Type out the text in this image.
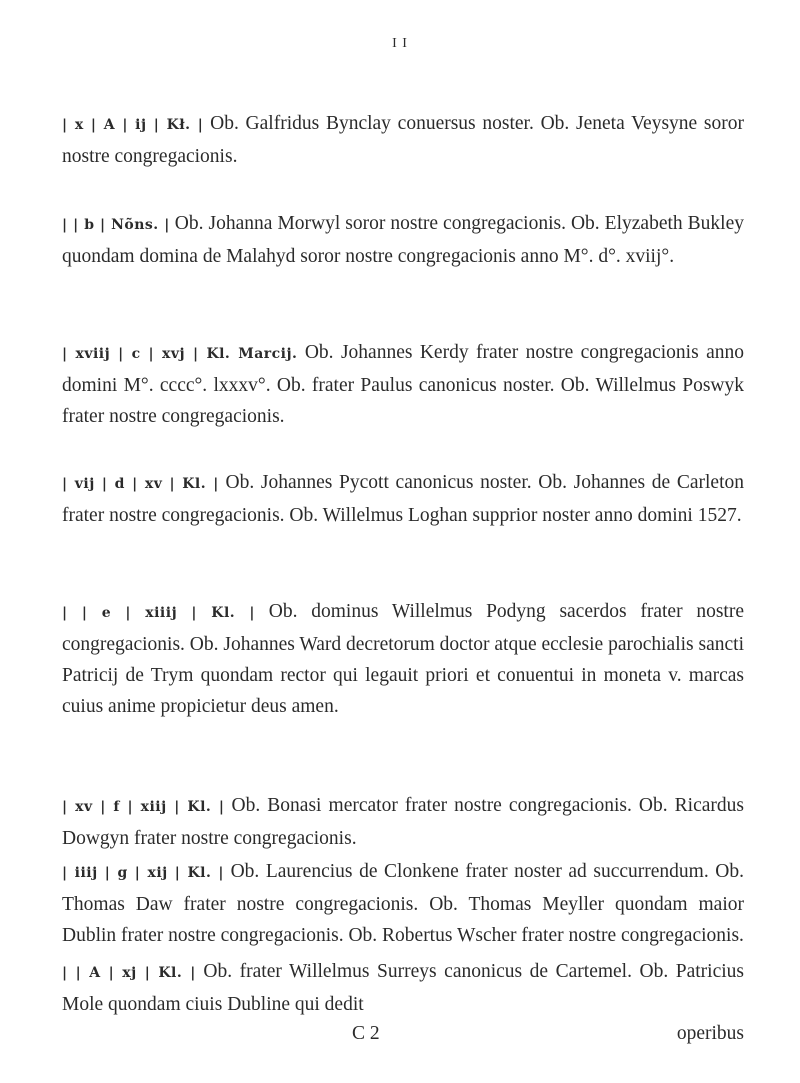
I I

| x | A | ij | Kł. | Ob. Galfridus Bynclay conuersus noster. Ob. Jeneta Veysyne soror nostre congregacionis.

| | b | Nõns. | Ob. Johanna Morwyl soror nostre congregacionis. Ob. Elyzabeth Bukley quondam domina de Malahyd soror nostre congregacionis anno M°. d°. xviij°.

| xviij | c | xvj | Kl. Marcij. Ob. Johannes Kerdy frater nostre congregacionis anno domini M°. cccc°. lxxxv°. Ob. frater Paulus canonicus noster. Ob. Willelmus Poswyk frater nostre congregacionis.

| vij | d | xv | Kl. | Ob. Johannes Pycott canonicus noster. Ob. Johannes de Carleton frater nostre congregacionis. Ob. Willelmus Loghan supprior noster anno domini 1527.

| | e | xiiij | Kl. | Ob. dominus Willelmus Podyng sacerdos frater nostre congregacionis. Ob. Johannes Ward decretorum doctor atque ecclesie parochialis sancti Patricij de Trym quondam rector qui legauit priori et conuentui in moneta v. marcas cuius anime propicietur deus amen.

| xv | f | xiij | Kl. | Ob. Bonasi mercator frater nostre congregacionis. Ob. Ricardus Dowgyn frater nostre congregacionis.

| iiij | g | xij | Kl. | Ob. Laurencius de Clonkene frater noster ad succurrendum. Ob. Thomas Daw frater nostre congregacionis. Ob. Thomas Meyller quondam maior Dublin frater nostre congregacionis. Ob. Robertus Wscher frater nostre congregacionis.

| | A | xj | Kl. | Ob. frater Willelmus Surreys canonicus de Cartemel. Ob. Patricius Mole quondam ciuis Dubline qui dedit

C 2	operibus
